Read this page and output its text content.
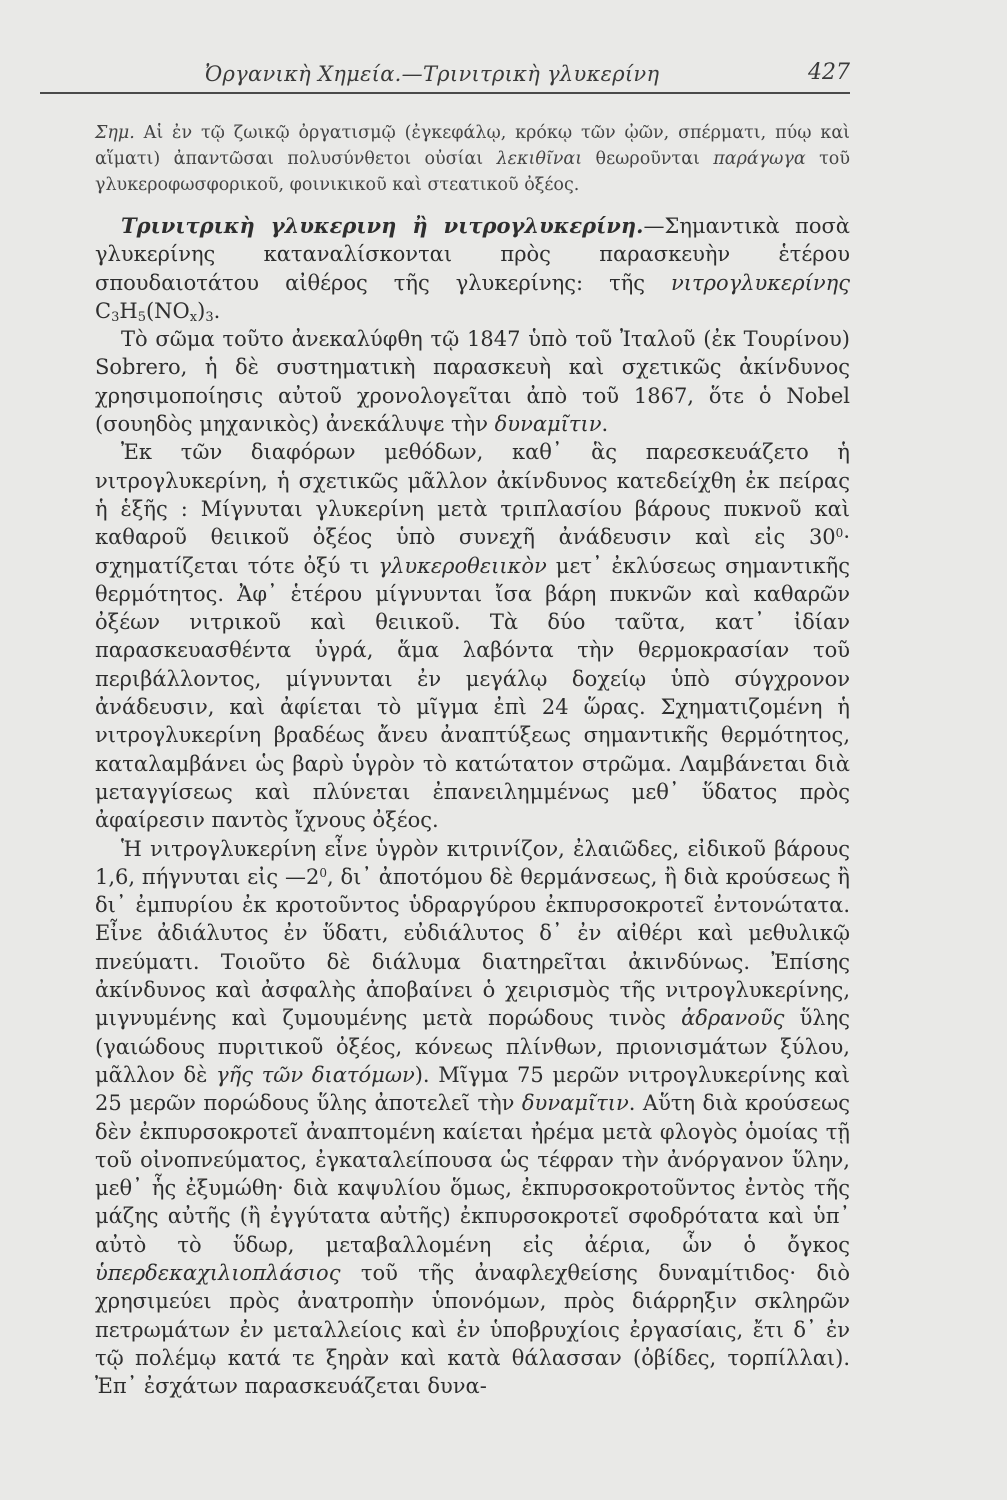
Ὀργανικὴ Χημεία.—Τρινιτρικὴ γλυκερίνη	427

Σημ. Αἱ ἐν τῷ ζωικῷ ὀργατισμῷ (ἐγκεφάλῳ, κρόκῳ τῶν ᾠῶν, σπέρματι, πύῳ καὶ αἵματι) ἀπαντῶσαι πολυσύνθετοι οὐσίαι λεκιθῖναι θεωροῦνται παράγωγα τοῦ γλυκεροφωσφορικοῦ, φοινικικοῦ καὶ στεατικοῦ ὀξέος.

Τρινιτρικὴ γλυκερινη ἢ νιτρογλυκερίνη.—Σημαντικὰ ποσὰ γλυκερίνης καταναλίσκονται πρὸς παρασκευὴν ἑτέρου σπουδαιοτάτου αἰθέρος τῆς γλυκερίνης: τῆς νιτρογλυκερίνης $C_3H_5(NO_x)_3$.

Τὸ σῶμα τοῦτο ἀνεκαλύφθη τῷ 1847 ὑπὸ τοῦ Ἰταλοῦ (ἐκ Τουρίνου) Sobrero, ἡ δὲ συστηματικὴ παρασκευὴ καὶ σχετικῶς ἀκίνδυνος χρησιμοποίησις αὐτοῦ χρονολογεῖται ἀπὸ τοῦ 1867, ὅτε ὁ Nobel (σουηδὸς μηχανικὸς) ἀνεκάλυψε τὴν δυναμῖτιν.

Ἐκ τῶν διαφόρων μεθόδων, καθ᾽ ἃς παρεσκευάζετο ἡ νιτρογλυκερίνη, ἡ σχετικῶς μᾶλλον ἀκίνδυνος κατεδείχθη ἐκ πείρας ἡ ἑξῆς : Μίγνυται γλυκερίνη μετὰ τριπλασίου βάρους πυκνοῦ καὶ καθαροῦ θειικοῦ ὀξέος ὑπὸ συνεχῆ ἀνάδευσιν καὶ εἰς $30^0\cdot \sigma\chi\eta\mu\alpha\tau ί\zeta\varepsilon\tau\alpha\iota$ τότε ὀξύ τι γλυκεροθειικὸν μετ᾽ ἐκλύσεως σημαντικῆς θερμότητος. Ἀφ᾽ ἑτέρου μίγνυνται ἴσα βάρη πυκνῶν καὶ καθαρῶν ὀξέων νιτρικοῦ καὶ θειικοῦ. Τὰ δύο ταῦτα, κατ᾽ ἰδίαν παρασκευασθέντα ὑγρά, ἅμα λαβόντα τὴν θερμοκρασίαν τοῦ περιβάλλοντος, μίγνυνται ἐν μεγάλῳ δοχείῳ ὑπὸ σύγχρονον ἀνάδευσιν, καὶ ἀφίεται τὸ μῖγμα ἐπὶ 24 ὥρας. Σχηματιζομένη ἡ νιτρογλυκερίνη βραδέως ἄνευ ἀναπτύξεως σημαντικῆς θερμότητος, καταλαμβάνει ὡς βαρὺ ὑγρὸν τὸ κατώτατον στρῶμα. Λαμβάνεται διὰ μεταγγίσεως καὶ πλύνεται ἐπανειλημμένως μεθ᾽ ὕδατος πρὸς ἀφαίρεσιν παντὸς ἴχνους ὀξέος.

Ἡ νιτρογλυκερίνη εἶνε ὑγρὸν κιτρινίζον, ἐλαιῶδες, εἰδικοῦ βάρους 1,6, πήγνυται εἰς $—2^0$, δι᾽ ἀποτόμου δὲ θερμάνσεως, ἢ διὰ κρούσεως ἢ δι᾽ ἐμπυρίου ἐκ κροτοῦντος ὑδραργύρου ἐκπυρσοκροτεῖ ἐντονώτατα. Εἶνε ἀδιάλυτος ἐν ὕδατι, εὐδιάλυτος δ᾽ ἐν αἰθέρι καὶ μεθυλικῷ πνεύματι. Τοιοῦτο δὲ διάλυμα διατηρεῖται ἀκινδύνως. Ἐπίσης ἀκίνδυνος καὶ ἀσφαλὴς ἀποβαίνει ὁ χειρισμὸς τῆς νιτρογλυκερίνης, μιγνυμένης καὶ ζυμουμένης μετὰ πορώδους τινὸς ἀδρανοῦς ὕλης (γαιώδους πυριτικοῦ ὀξέος, κόνεως πλίνθων, πριονισμάτων ξύλου, μᾶλλον δὲ γῆς τῶν διατόμων). Μῖγμα 75 μερῶν νιτρογλυκερίνης καὶ 25 μερῶν πορώδους ὕλης ἀποτελεῖ τὴν δυναμῖτιν. Αὕτη διὰ κρούσεως δὲν ἐκπυρσοκροτεῖ ἀναπτομένη καίεται ἠρέμα μετὰ φλογὸς ὁμοίας τῇ τοῦ οἰνοπνεύματος, ἐγκαταλείπουσα ὡς τέφραν τὴν ἀνόργανον ὕλην, μεθ᾽ ἧς ἐξυμώθη· διὰ καψυλίου ὅμως, ἐκπυρσοκροτοῦντος ἐντὸς τῆς μάζης αὐτῆς (ἢ ἐγγύτατα αὐτῆς) ἐκπυρσοκροτεῖ σφοδρότατα καὶ ὑπ᾽ αὐτὸ τὸ ὕδωρ, μεταβαλλομένη εἰς ἀέρια, ὧν ὁ ὄγκος ὑπερδεκαχιλιοπλάσιος τοῦ τῆς ἀναφλεχθείσης δυναμίτιδος· διὸ χρησιμεύει πρὸς ἀνατροπὴν ὑπονόμων, πρὸς διάρρηξιν σκληρῶν πετρωμάτων ἐν μεταλλείοις καὶ ἐν ὑποβρυχίοις ἐργασίαις, ἔτι δ᾽ ἐν τῷ πολέμῳ κατά τε ξηρὰν καὶ κατὰ θάλασσαν (ὀβίδες, τορπίλλαι). Ἐπ᾽ ἐσχάτων παρασκευάζεται δυνα-
